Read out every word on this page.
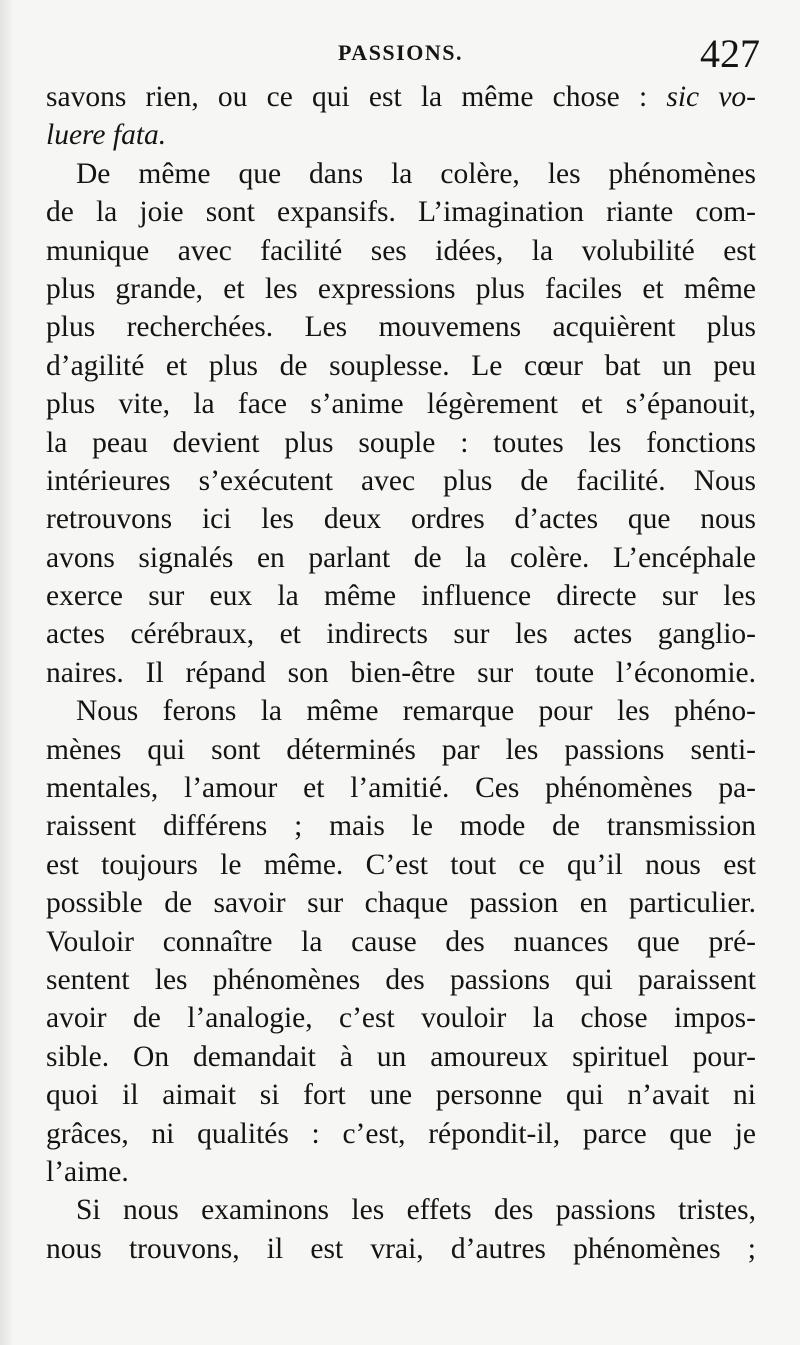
PASSIONS.	427
savons rien, ou ce qui est la même chose : sic vo-
luere fata.
De même que dans la colère, les phénomènes
de la joie sont expansifs. L’imagination riante com-
munique avec facilité ses idées, la volubilité est
plus grande, et les expressions plus faciles et même
plus recherchées. Les mouvemens acquièrent plus
d’agilité et plus de souplesse. Le cœur bat un peu
plus vite, la face s’anime légèrement et s’épanouit,
la peau devient plus souple : toutes les fonctions
intérieures s’exécutent avec plus de facilité. Nous
retrouvons ici les deux ordres d’actes que nous
avons signalés en parlant de la colère. L’encéphale
exerce sur eux la même influence directe sur les
actes cérébraux, et indirects sur les actes ganglio-
naires. Il répand son bien-être sur toute l’économie.
Nous ferons la même remarque pour les phéno-
mènes qui sont déterminés par les passions senti-
mentales, l’amour et l’amitié. Ces phénomènes pa-
raissent différens ; mais le mode de transmission
est toujours le même. C’est tout ce qu’il nous est
possible de savoir sur chaque passion en particulier.
Vouloir connaître la cause des nuances que pré-
sentent les phénomènes des passions qui paraissent
avoir de l’analogie, c’est vouloir la chose impos-
sible. On demandait à un amoureux spirituel pour-
quoi il aimait si fort une personne qui n’avait ni
grâces, ni qualités : c’est, répondit-il, parce que je
l’aime.
Si nous examinons les effets des passions tristes,
nous trouvons, il est vrai, d’autres phénomènes ;
